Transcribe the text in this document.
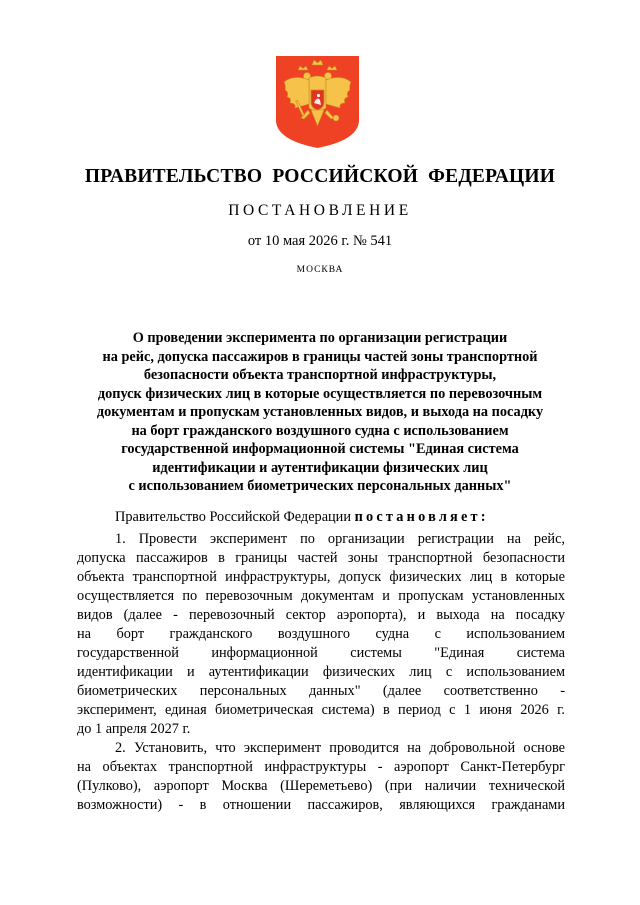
ПРАВИТЕЛЬСТВО РОССИЙСКОЙ ФЕДЕРАЦИИ
ПОСТАНОВЛЕНИЕ
от 10 мая 2026 г. № 541
МОСКВА
О проведении эксперимента по организации регистрации
на рейс, допуска пассажиров в границы частей зоны транспортной
безопасности объекта транспортной инфраструктуры,
допуск физических лиц в которые осуществляется по перевозочным
документам и пропускам установленных видов, и выхода на посадку
на борт гражданского воздушного судна с использованием
государственной информационной системы "Единая система
идентификации и аутентификации физических лиц
с использованием биометрических персональных данных"
Правительство Российской Федерации постановляет:
1. Провести эксперимент по организации регистрации на рейс,
допуска пассажиров в границы частей зоны транспортной безопасности
объекта транспортной инфраструктуры, допуск физических лиц в которые
осуществляется по перевозочным документам и пропускам установленных
видов (далее - перевозочный сектор аэропорта), и выхода на посадку
на борт гражданского воздушного судна с использованием
государственной информационной системы "Единая система
идентификации и аутентификации физических лиц с использованием
биометрических персональных данных" (далее соответственно -
эксперимент, единая биометрическая система) в период с 1 июня 2026 г.
до 1 апреля 2027 г.
2. Установить, что эксперимент проводится на добровольной основе
на объектах транспортной инфраструктуры - аэропорт Санкт-Петербург
(Пулково), аэропорт Москва (Шереметьево) (при наличии технической
возможности) - в отношении пассажиров, являющихся гражданами
